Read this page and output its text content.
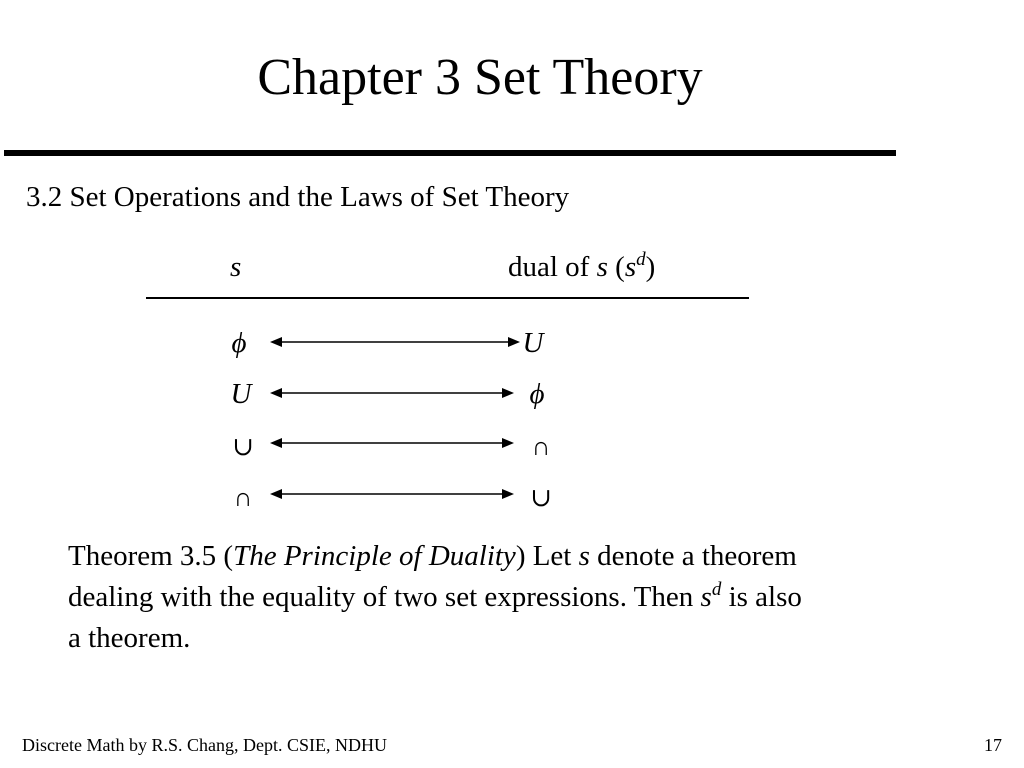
Chapter 3 Set Theory
3.2 Set Operations and the Laws of Set Theory
s	dual of s $(s^d)$
ϕ	U
U	ϕ
∪	∩
∩	∪
Theorem 3.5 (The Principle of Duality) Let s denote a theorem
dealing with the equality of two set expressions. Then $s^d$ is also
a theorem.
Discrete Math by R.S. Chang, Dept. CSIE, NDHU	17
